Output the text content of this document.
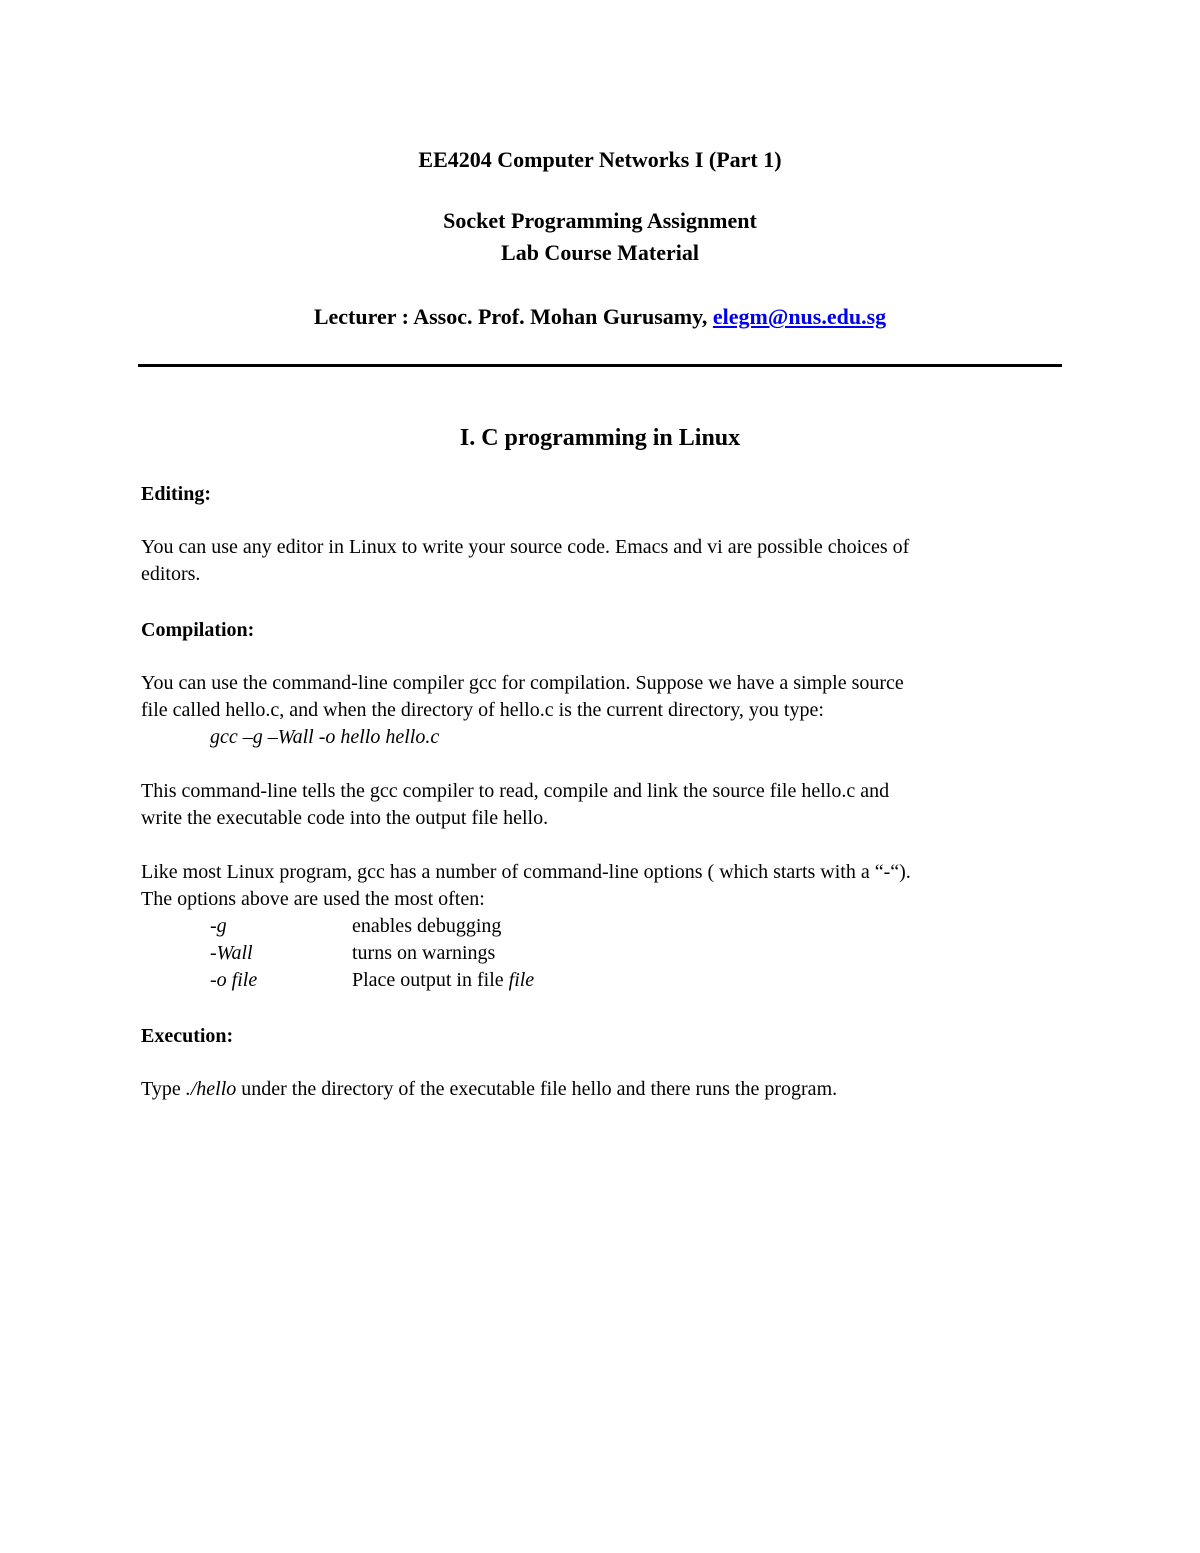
EE4204 Computer Networks I (Part 1)
Socket Programming Assignment
Lab Course Material
Lecturer : Assoc. Prof. Mohan Gurusamy, elegm@nus.edu.sg
I. C programming in Linux
Editing:
You can use any editor in Linux to write your source code. Emacs and vi are possible choices of
editors.
Compilation:
You can use the command-line compiler gcc for compilation. Suppose we have a simple source
file called hello.c, and when the directory of hello.c is the current directory, you type:
gcc –g –Wall -o hello hello.c
This command-line tells the gcc compiler to read, compile and link the source file hello.c and
write the executable code into the output file hello.
Like most Linux program, gcc has a number of command-line options ( which starts with a “-“).
The options above are used the most often:
-g	enables debugging
-Wall	turns on warnings
-o file	Place output in file file
Execution:
Type ./hello under the directory of the executable file hello and there runs the program.
